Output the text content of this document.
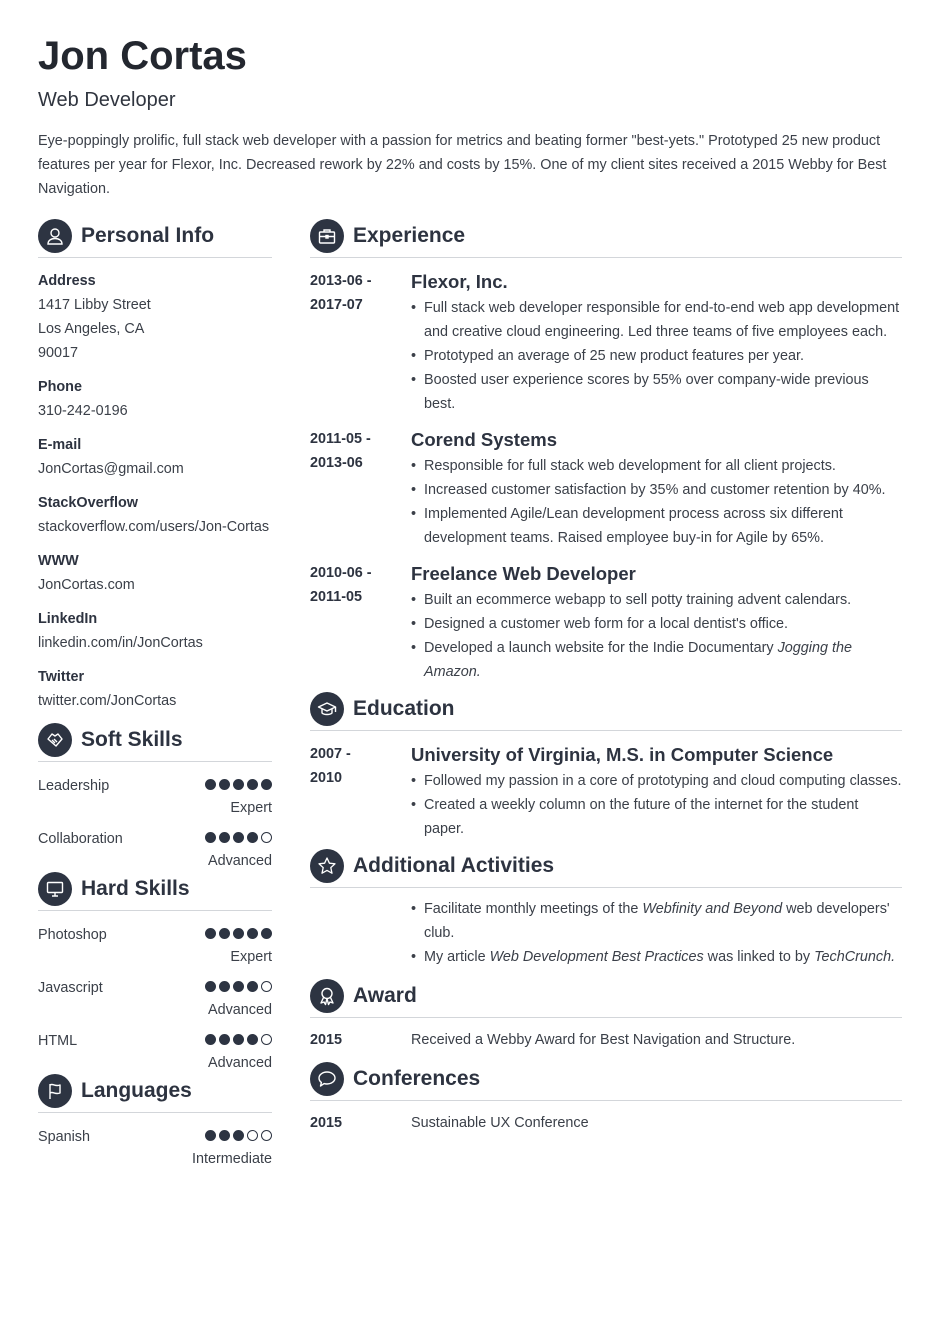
Jon Cortas
Web Developer
Eye-poppingly prolific, full stack web developer with a passion for metrics and beating former "best-yets." Prototyped 25 new product features per year for Flexor, Inc. Decreased rework by 22% and costs by 15%. One of my client sites received a 2015 Webby for Best Navigation.
Personal Info
Address
1417 Libby Street
Los Angeles, CA
90017
Phone
310-242-0196
E-mail
JonCortas@gmail.com
StackOverflow
stackoverflow.com/users/Jon-Cortas
WWW
JonCortas.com
LinkedIn
linkedin.com/in/JonCortas
Twitter
twitter.com/JonCortas
Soft Skills
Leadership
Expert
Collaboration
Advanced
Hard Skills
Photoshop
Expert
Javascript
Advanced
HTML
Advanced
Languages
Spanish
Intermediate
Experience
2013-06 -
2017-07
Flexor, Inc.
• Full stack web developer responsible for end-to-end web app development and creative cloud engineering. Led three teams of five employees each.
• Prototyped an average of 25 new product features per year.
• Boosted user experience scores by 55% over company-wide previous best.
2011-05 -
2013-06
Corend Systems
• Responsible for full stack web development for all client projects.
• Increased customer satisfaction by 35% and customer retention by 40%.
• Implemented Agile/Lean development process across six different development teams. Raised employee buy-in for Agile by 65%.
2010-06 -
2011-05
Freelance Web Developer
• Built an ecommerce webapp to sell potty training advent calendars.
• Designed a customer web form for a local dentist's office.
• Developed a launch website for the Indie Documentary Jogging the Amazon.
Education
2007 -
2010
University of Virginia, M.S. in Computer Science
• Followed my passion in a core of prototyping and cloud computing classes.
• Created a weekly column on the future of the internet for the student paper.
Additional Activities
• Facilitate monthly meetings of the Webfinity and Beyond web developers' club.
• My article Web Development Best Practices was linked to by TechCrunch.
Award
2015	Received a Webby Award for Best Navigation and Structure.
Conferences
2015	Sustainable UX Conference
